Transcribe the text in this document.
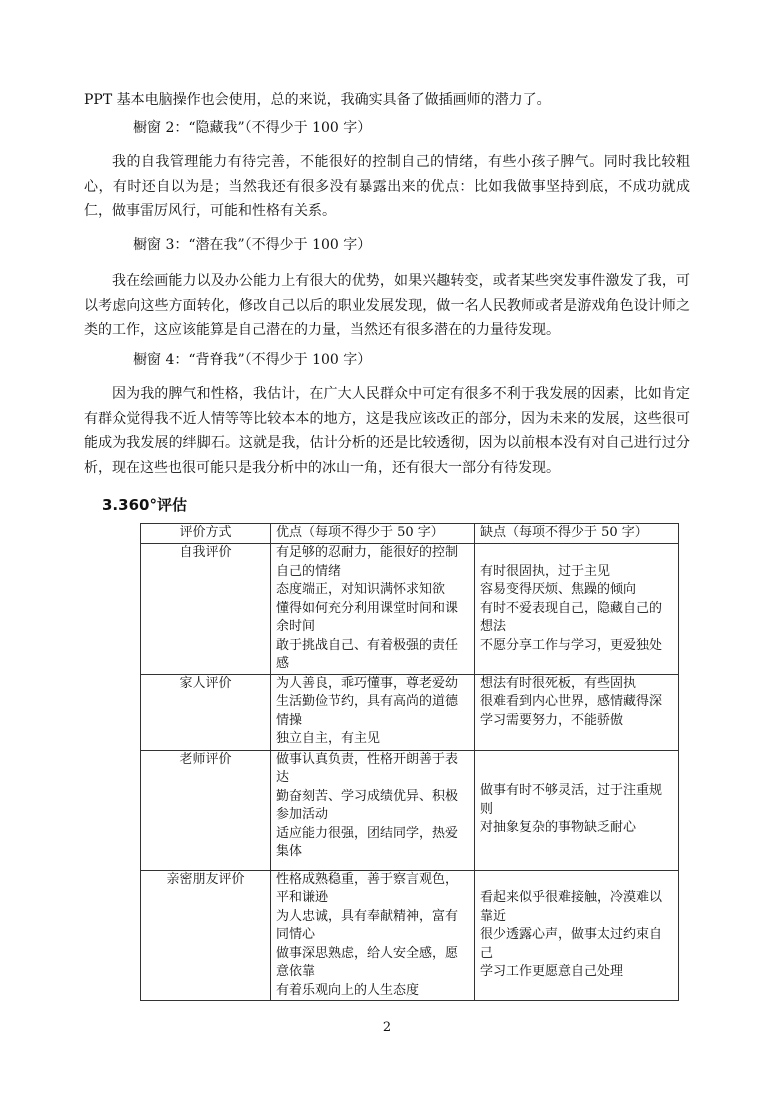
PPT 基本电脑操作也会使用，总的来说，我确实具备了做插画师的潜力了。

橱窗 2：“隐藏我”（不得少于 100 字）

我的自我管理能力有待完善，不能很好的控制自己的情绪，有些小孩子脾气。同时我比较粗心，有时还自以为是；当然我还有很多没有暴露出来的优点：比如我做事坚持到底，不成功就成仁，做事雷厉风行，可能和性格有关系。

橱窗 3：“潜在我”（不得少于 100 字）

我在绘画能力以及办公能力上有很大的优势，如果兴趣转变，或者某些突发事件激发了我，可以考虑向这些方面转化，修改自己以后的职业发展发现，做一名人民教师或者是游戏角色设计师之类的工作，这应该能算是自己潜在的力量，当然还有很多潜在的力量待发现。

橱窗 4：“背脊我”（不得少于 100 字）

因为我的脾气和性格，我估计，在广大人民群众中可定有很多不利于我发展的因素，比如肯定有群众觉得我不近人情等等比较本本的地方，这是我应该改正的部分，因为未来的发展，这些很可能成为我发展的绊脚石。这就是我，估计分析的还是比较透彻，因为以前根本没有对自己进行过分析，现在这些也很可能只是我分析中的冰山一角，还有很大一部分有待发现。

3.360°评估

评价方式	优点（每项不得少于 50 字）	缺点（每项不得少于 50 字）
自我评价	有足够的忍耐力，能很好的控制自己的情绪
态度端正，对知识满怀求知欲
懂得如何充分利用课堂时间和课余时间
敢于挑战自己、有着极强的责任感	有时很固执，过于主见
容易变得厌烦、焦躁的倾向
有时不爱表现自己，隐藏自己的想法
不愿分享工作与学习，更爱独处

家人评价	为人善良，乖巧懂事，尊老爱幼
生活勤俭节约，具有高尚的道德情操
独立自主，有主见	想法有时很死板，有些固执
很难看到内心世界，感情藏得深
学习需要努力，不能骄傲

老师评价	做事认真负责，性格开朗善于表达
勤奋刻苦、学习成绩优异、积极参加活动
适应能力很强，团结同学，热爱集体	做事有时不够灵活，过于注重规则
对抽象复杂的事物缺乏耐心

亲密朋友评价	性格成熟稳重，善于察言观色，平和谦逊
为人忠诚，具有奉献精神，富有同情心
做事深思熟虑，给人安全感，愿意依靠
有着乐观向上的人生态度	看起来似乎很难接触，冷漠难以靠近
很少透露心声，做事太过约束自己
学习工作更愿意自己处理
2
